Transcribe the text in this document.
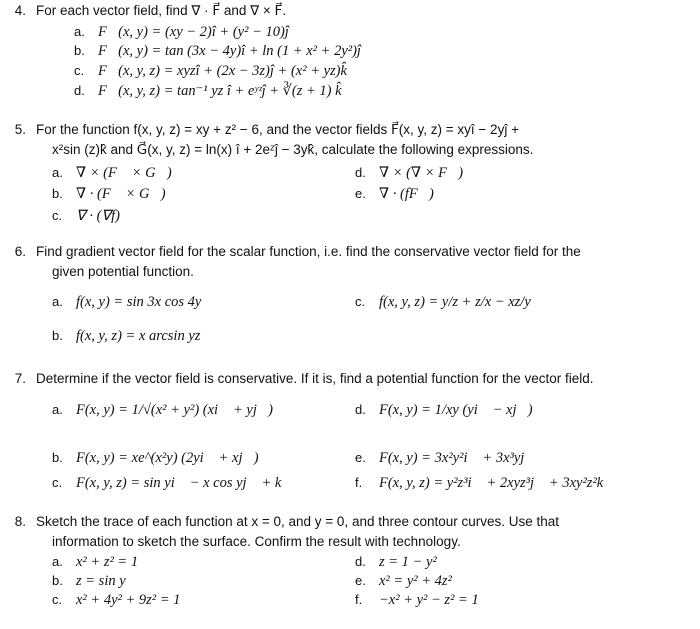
4. For each vector field, find ∇ · F⃗ and ∇ × F⃗.
a. F⃗(x, y) = (xy − 2)î + (y² − 10)ĵ
b. F⃗(x, y) = tan (3x − 4y)î + ln (1 + x² + 2y²)ĵ
c. F⃗(x, y, z) = xyzî + (2x − 3z)ĵ + (x² + yz)k̂
d. F⃗(x, y, z) = tan⁻¹ yz î + eʸᶻĵ + ∛(z + 1) k̂
5. For the function f(x, y, z) = xy + z² − 6, and the vector fields F⃗(x, y, z) = xyî − 2yĵ +
x²sin (z)k̂ and G⃗(x, y, z) = ln(x) î + 2eᶻĵ − 3yk̂, calculate the following expressions.
a. ∇ × (F⃗ × G⃗)
b. ∇ · (F⃗ × G⃗)
c. ∇ · (∇f)
d. ∇ × (∇ × F⃗)
e. ∇ · (fF⃗)
6. Find gradient vector field for the scalar function, i.e. find the conservative vector field for the
given potential function.
a. f(x, y) = sin 3x cos 4y	c. f(x, y, z) = y/z + z/x − xz/y
b. f(x, y, z) = x arcsin yz
7. Determine if the vector field is conservative. If it is, find a potential function for the vector field.
a. F(x, y) = 1/√(x² + y²) (xi⃗ + yj⃗)	d. F(x, y) = 1/xy (yi⃗ − xj⃗)
b. F(x, y) = xe^(x²y) (2yi⃗ + xj⃗)	e. F(x, y) = 3x²y²i⃗ + 3x³yj⃗
c. F(x, y, z) = sin yi⃗ − x cos yj⃗ + k⃗	f. F(x, y, z) = y²z³i⃗ + 2xyz³j⃗ + 3xy²z²k⃗
8. Sketch the trace of each function at x = 0, and y = 0, and three contour curves. Use that
information to sketch the surface. Confirm the result with technology.
a. x² + z² = 1
b. z = sin y
c. x² + 4y² + 9z² = 1
d. z = 1 − y²
e. x² = y² + 4z²
f. −x² + y² − z² = 1
